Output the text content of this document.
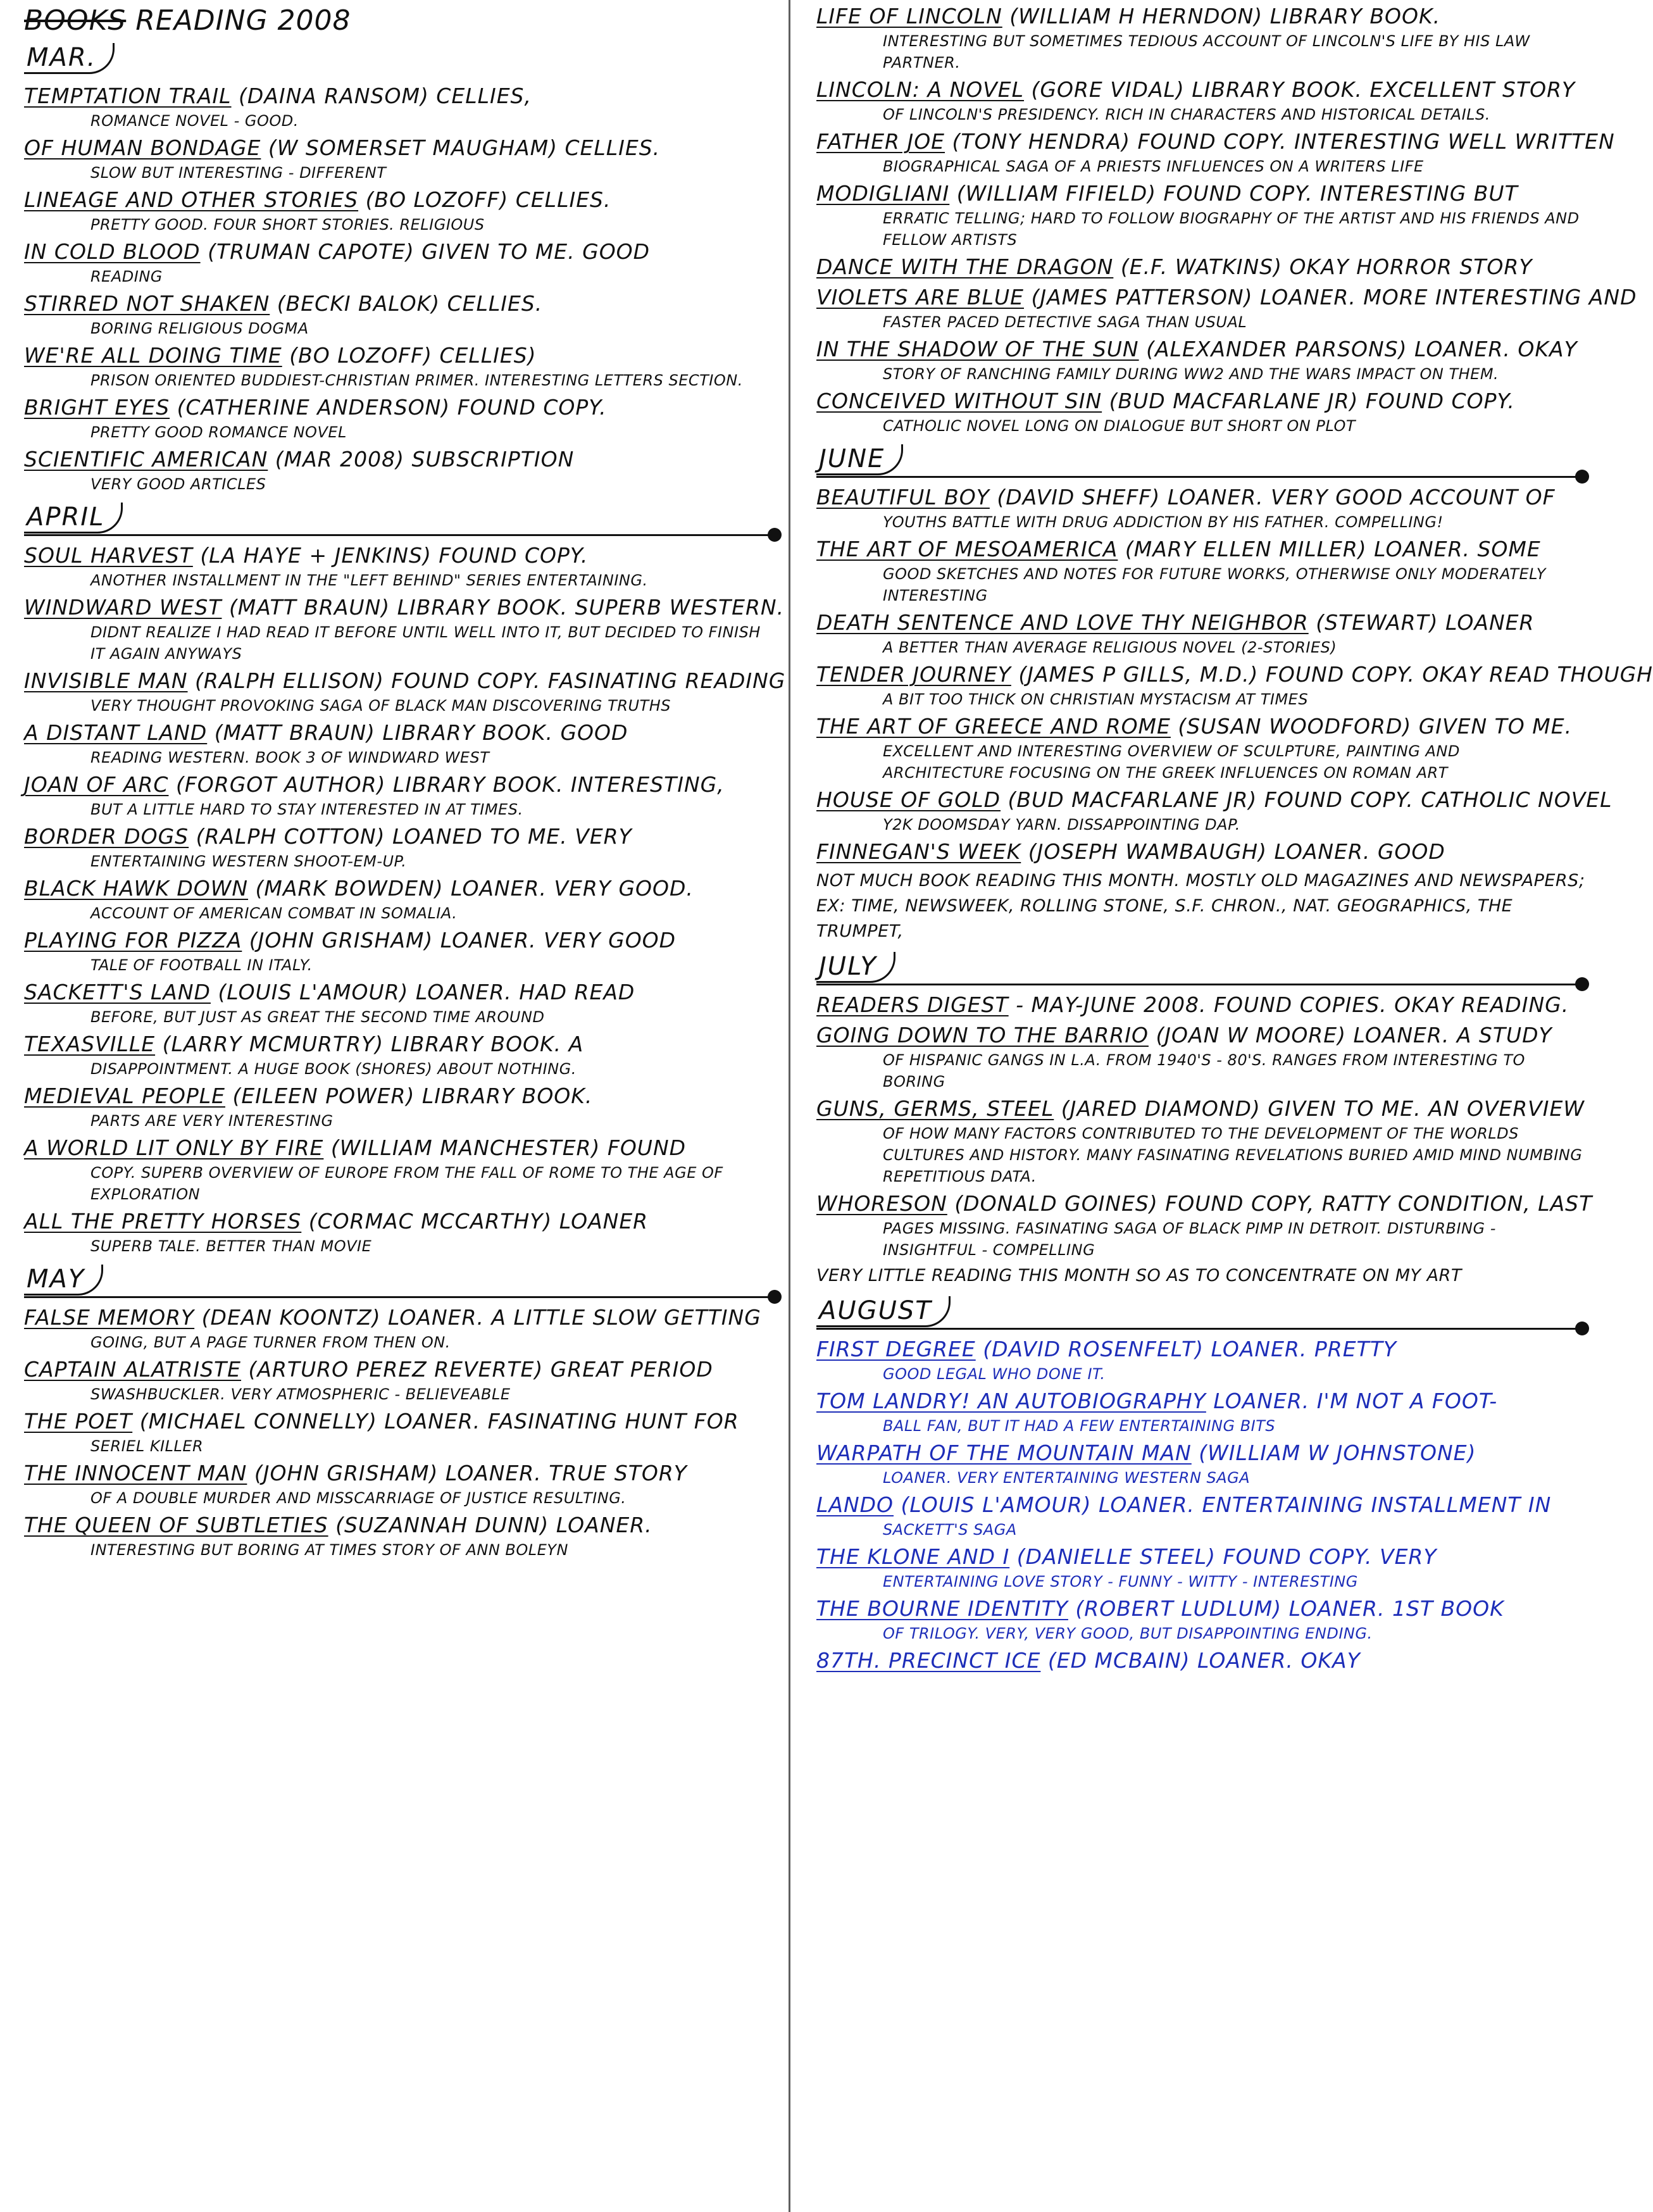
BOOKS READING 2008
MAR.
TEMPTATION TRAIL (DAINA RANSOM) CELLIES,
ROMANCE NOVEL - GOOD.
OF HUMAN BONDAGE (W SOMERSET MAUGHAM) CELLIES.
SLOW BUT INTERESTING - DIFFERENT
LINEAGE AND OTHER STORIES (BO LOZOFF) CELLIES.
PRETTY GOOD. FOUR SHORT STORIES. RELIGIOUS
IN COLD BLOOD (TRUMAN CAPOTE) GIVEN TO ME. GOOD
READING
STIRRED NOT SHAKEN (BECKI BALOK) CELLIES.
BORING RELIGIOUS DOGMA
WE'RE ALL DOING TIME (BO LOZOFF) CELLIES)
PRISON ORIENTED BUDDIEST-CHRISTIAN PRIMER. INTERESTING LETTERS SECTION.
BRIGHT EYES (CATHERINE ANDERSON) FOUND COPY.
PRETTY GOOD ROMANCE NOVEL
SCIENTIFIC AMERICAN (MAR 2008) SUBSCRIPTION
VERY GOOD ARTICLES
APRIL
SOUL HARVEST (LA HAYE + JENKINS) FOUND COPY.
ANOTHER INSTALLMENT IN THE "LEFT BEHIND" SERIES ENTERTAINING.
WINDWARD WEST (MATT BRAUN) LIBRARY BOOK. SUPERB WESTERN.
DIDNT REALIZE I HAD READ IT BEFORE UNTIL WELL INTO IT, BUT DECIDED TO FINISH IT AGAIN ANYWAYS
INVISIBLE MAN (RALPH ELLISON) FOUND COPY. FASINATING READING
VERY THOUGHT PROVOKING SAGA OF BLACK MAN DISCOVERING TRUTHS
A DISTANT LAND (MATT BRAUN) LIBRARY BOOK. GOOD
READING WESTERN. BOOK 3 OF WINDWARD WEST
JOAN OF ARC (FORGOT AUTHOR) LIBRARY BOOK. INTERESTING,
BUT A LITTLE HARD TO STAY INTERESTED IN AT TIMES.
BORDER DOGS (RALPH COTTON) LOANED TO ME. VERY
ENTERTAINING WESTERN SHOOT-EM-UP.
BLACK HAWK DOWN (MARK BOWDEN) LOANER. VERY GOOD.
ACCOUNT OF AMERICAN COMBAT IN SOMALIA.
PLAYING FOR PIZZA (JOHN GRISHAM) LOANER. VERY GOOD
TALE OF FOOTBALL IN ITALY.
SACKETT'S LAND (LOUIS L'AMOUR) LOANER. HAD READ
BEFORE, BUT JUST AS GREAT THE SECOND TIME AROUND
TEXASVILLE (LARRY MCMURTRY) LIBRARY BOOK. A
DISAPPOINTMENT. A HUGE BOOK (SHORES) ABOUT NOTHING.
MEDIEVAL PEOPLE (EILEEN POWER) LIBRARY BOOK.
PARTS ARE VERY INTERESTING
A WORLD LIT ONLY BY FIRE (WILLIAM MANCHESTER) FOUND
COPY. SUPERB OVERVIEW OF EUROPE FROM THE FALL OF ROME TO THE AGE OF EXPLORATION
ALL THE PRETTY HORSES (CORMAC MCCARTHY) LOANER
SUPERB TALE. BETTER THAN MOVIE
MAY
FALSE MEMORY (DEAN KOONTZ) LOANER. A LITTLE SLOW GETTING
GOING, BUT A PAGE TURNER FROM THEN ON.
CAPTAIN ALATRISTE (ARTURO PEREZ REVERTE) GREAT PERIOD
SWASHBUCKLER. VERY ATMOSPHERIC - BELIEVEABLE
THE POET (MICHAEL CONNELLY) LOANER. FASINATING HUNT FOR
SERIEL KILLER
THE INNOCENT MAN (JOHN GRISHAM) LOANER. TRUE STORY
OF A DOUBLE MURDER AND MISSCARRIAGE OF JUSTICE RESULTING.
THE QUEEN OF SUBTLETIES (SUZANNAH DUNN) LOANER.
INTERESTING BUT BORING AT TIMES STORY OF ANN BOLEYN
LIFE OF LINCOLN (WILLIAM H HERNDON) LIBRARY BOOK.
INTERESTING BUT SOMETIMES TEDIOUS ACCOUNT OF LINCOLN'S LIFE BY HIS LAW PARTNER.
LINCOLN: A NOVEL (GORE VIDAL) LIBRARY BOOK. EXCELLENT STORY
OF LINCOLN'S PRESIDENCY. RICH IN CHARACTERS AND HISTORICAL DETAILS.
FATHER JOE (TONY HENDRA) FOUND COPY. INTERESTING WELL WRITTEN
BIOGRAPHICAL SAGA OF A PRIESTS INFLUENCES ON A WRITERS LIFE
MODIGLIANI (WILLIAM FIFIELD) FOUND COPY. INTERESTING BUT
ERRATIC TELLING; HARD TO FOLLOW BIOGRAPHY OF THE ARTIST AND HIS FRIENDS AND FELLOW ARTISTS
DANCE WITH THE DRAGON (E.F. WATKINS) OKAY HORROR STORY
VIOLETS ARE BLUE (JAMES PATTERSON) LOANER. MORE INTERESTING AND
FASTER PACED DETECTIVE SAGA THAN USUAL
IN THE SHADOW OF THE SUN (ALEXANDER PARSONS) LOANER. OKAY
STORY OF RANCHING FAMILY DURING WW2 AND THE WARS IMPACT ON THEM.
CONCEIVED WITHOUT SIN (BUD MACFARLANE JR) FOUND COPY.
CATHOLIC NOVEL LONG ON DIALOGUE BUT SHORT ON PLOT
JUNE
BEAUTIFUL BOY (DAVID SHEFF) LOANER. VERY GOOD ACCOUNT OF
YOUTHS BATTLE WITH DRUG ADDICTION BY HIS FATHER. COMPELLING!
THE ART OF MESOAMERICA (MARY ELLEN MILLER) LOANER. SOME
GOOD SKETCHES AND NOTES FOR FUTURE WORKS, OTHERWISE ONLY MODERATELY INTERESTING
DEATH SENTENCE AND LOVE THY NEIGHBOR (STEWART) LOANER
A BETTER THAN AVERAGE RELIGIOUS NOVEL (2-STORIES)
TENDER JOURNEY (JAMES P GILLS, M.D.) FOUND COPY. OKAY READ THOUGH
A BIT TOO THICK ON CHRISTIAN MYSTACISM AT TIMES
THE ART OF GREECE AND ROME (SUSAN WOODFORD) GIVEN TO ME.
EXCELLENT AND INTERESTING OVERVIEW OF SCULPTURE, PAINTING AND ARCHITECTURE FOCUSING ON THE GREEK INFLUENCES ON ROMAN ART
HOUSE OF GOLD (BUD MACFARLANE JR) FOUND COPY. CATHOLIC NOVEL
Y2K DOOMSDAY YARN. DISSAPPOINTING DAP.
FINNEGAN'S WEEK (JOSEPH WAMBAUGH) LOANER. GOOD
NOT MUCH BOOK READING THIS MONTH. MOSTLY OLD MAGAZINES AND NEWSPAPERS; EX: TIME, NEWSWEEK, ROLLING STONE, S.F. CHRON., NAT. GEOGRAPHICS, THE TRUMPET,
JULY
READERS DIGEST - MAY-JUNE 2008. FOUND COPIES. OKAY READING.
GOING DOWN TO THE BARRIO (JOAN W MOORE) LOANER. A STUDY
OF HISPANIC GANGS IN L.A. FROM 1940'S - 80'S. RANGES FROM INTERESTING TO BORING
GUNS, GERMS, STEEL (JARED DIAMOND) GIVEN TO ME. AN OVERVIEW
OF HOW MANY FACTORS CONTRIBUTED TO THE DEVELOPMENT OF THE WORLDS CULTURES AND HISTORY. MANY FASINATING REVELATIONS BURIED AMID MIND NUMBING REPETITIOUS DATA.
WHORESON (DONALD GOINES) FOUND COPY, RATTY CONDITION, LAST
PAGES MISSING. FASINATING SAGA OF BLACK PIMP IN DETROIT. DISTURBING - INSIGHTFUL - COMPELLING
VERY LITTLE READING THIS MONTH SO AS TO CONCENTRATE ON MY ART
AUGUST
FIRST DEGREE (DAVID ROSENFELT) LOANER. PRETTY
GOOD LEGAL WHO DONE IT.
TOM LANDRY! AN AUTOBIOGRAPHY LOANER. I'M NOT A FOOT-
BALL FAN, BUT IT HAD A FEW ENTERTAINING BITS
WARPATH OF THE MOUNTAIN MAN (WILLIAM W JOHNSTONE)
LOANER. VERY ENTERTAINING WESTERN SAGA
LANDO (LOUIS L'AMOUR) LOANER. ENTERTAINING INSTALLMENT IN
SACKETT'S SAGA
THE KLONE AND I (DANIELLE STEEL) FOUND COPY. VERY
ENTERTAINING LOVE STORY - FUNNY - WITTY - INTERESTING
THE BOURNE IDENTITY (ROBERT LUDLUM) LOANER. 1ST BOOK
OF TRILOGY. VERY, VERY GOOD, BUT DISAPPOINTING ENDING.
87TH. PRECINCT ICE (ED MCBAIN) LOANER. OKAY
